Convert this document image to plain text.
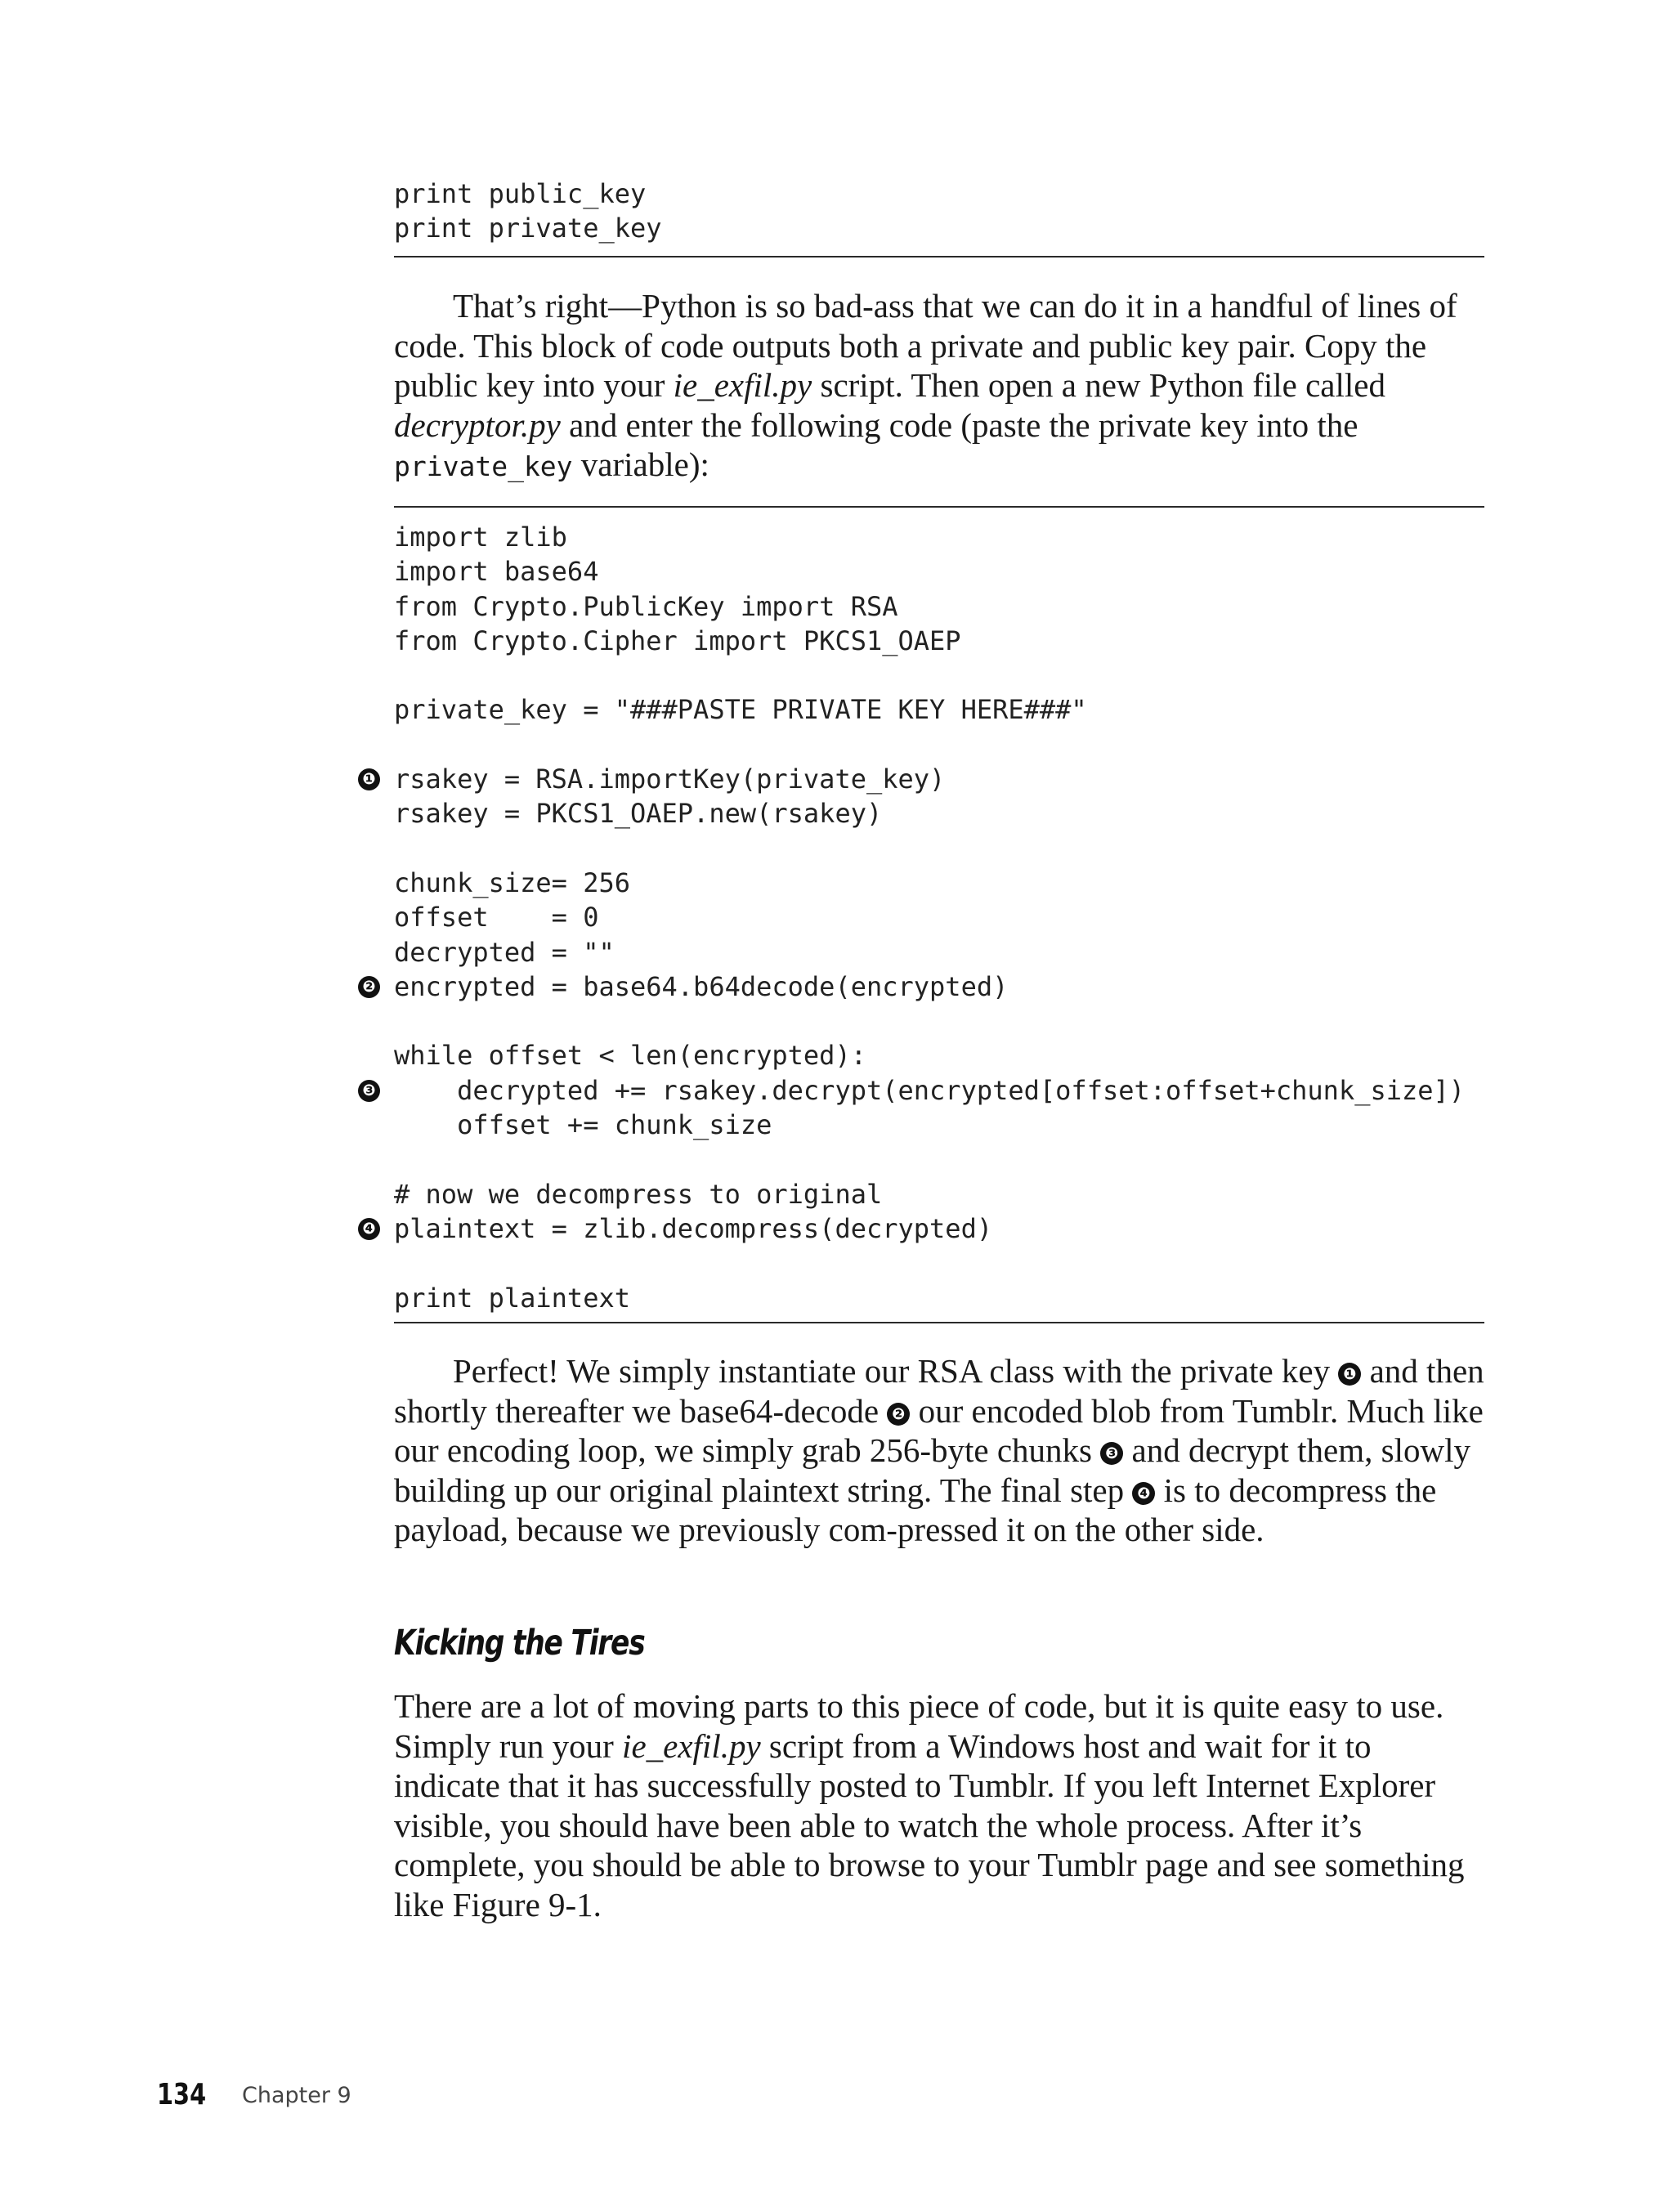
print public_key
print private_key

That’s right—Python is so bad-ass that we can do it in a handful of lines of code. This block of code outputs both a private and public key pair. Copy the public key into your ie_exfil.py script. Then open a new Python file called decryptor.py and enter the following code (paste the private key into the private_key variable):

import zlib
import base64
from Crypto.PublicKey import RSA
from Crypto.Cipher import PKCS1_OAEP
private_key = "###PASTE PRIVATE KEY HERE###"
❶ rsakey = RSA.importKey(private_key)
rsakey = PKCS1_OAEP.new(rsakey)
chunk_size= 256
offset    = 0
decrypted = ""
❷ encrypted = base64.b64decode(encrypted)
while offset < len(encrypted):
❸ decrypted += rsakey.decrypt(encrypted[offset:offset+chunk_size])
offset += chunk_size
# now we decompress to original
❹ plaintext = zlib.decompress(decrypted)
print plaintext

Perfect! We simply instantiate our RSA class with the private key ❶ and then shortly thereafter we base64-decode ❷ our encoded blob from Tumblr. Much like our encoding loop, we simply grab 256-byte chunks ❸ and decrypt them, slowly building up our original plaintext string. The final step ❹ is to decompress the payload, because we previously com-pressed it on the other side.

Kicking the Tires

There are a lot of moving parts to this piece of code, but it is quite easy to use. Simply run your ie_exfil.py script from a Windows host and wait for it to indicate that it has successfully posted to Tumblr. If you left Internet Explorer visible, you should have been able to watch the whole process. After it’s complete, you should be able to browse to your Tumblr page and see something like Figure 9-1.

134 Chapter 9
